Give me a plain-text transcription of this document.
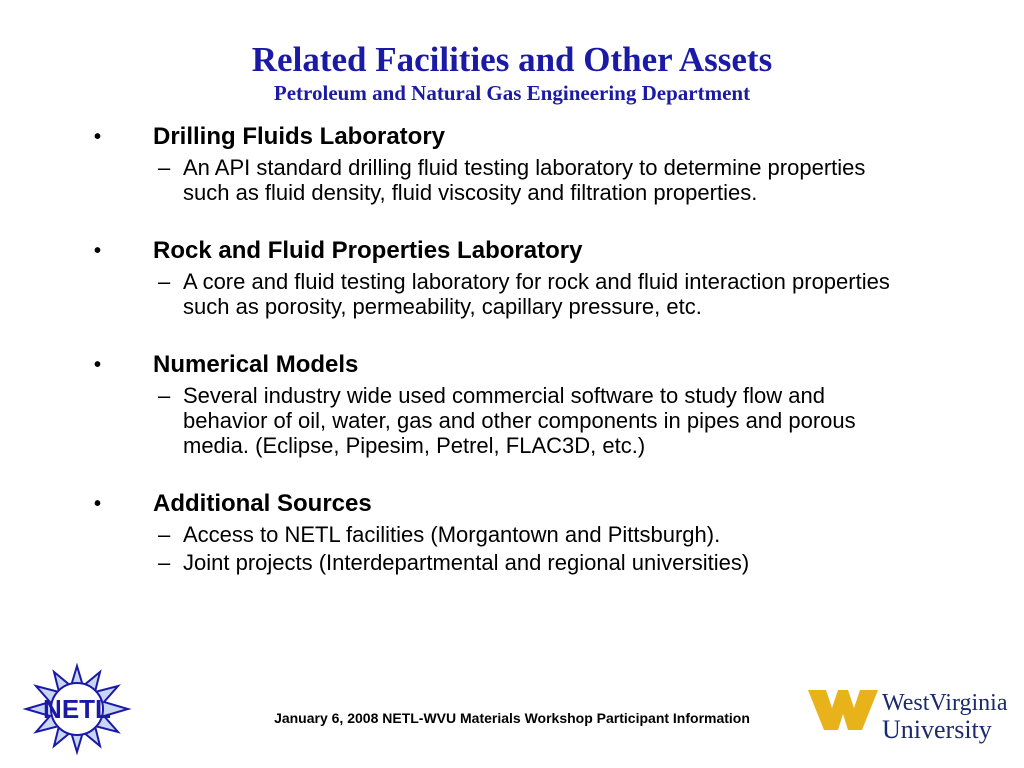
Related Facilities and Other Assets
Petroleum and Natural Gas Engineering Department
•	Drilling Fluids Laboratory
– An API standard drilling fluid testing laboratory to determine properties such as fluid density, fluid viscosity and filtration properties.
•	Rock and Fluid Properties Laboratory
– A core and fluid testing laboratory for rock and fluid interaction properties such as porosity, permeability, capillary pressure, etc.
•	Numerical Models
– Several industry wide used commercial software to study flow and behavior of oil, water, gas and other components in pipes and porous media. (Eclipse, Pipesim, Petrel, FLAC3D, etc.)
•	Additional Sources
– Access to NETL facilities (Morgantown and Pittsburgh).
– Joint projects (Interdepartmental and regional universities)
January 6, 2008 NETL-WVU Materials Workshop Participant Information
NETL	WestVirginia
University
